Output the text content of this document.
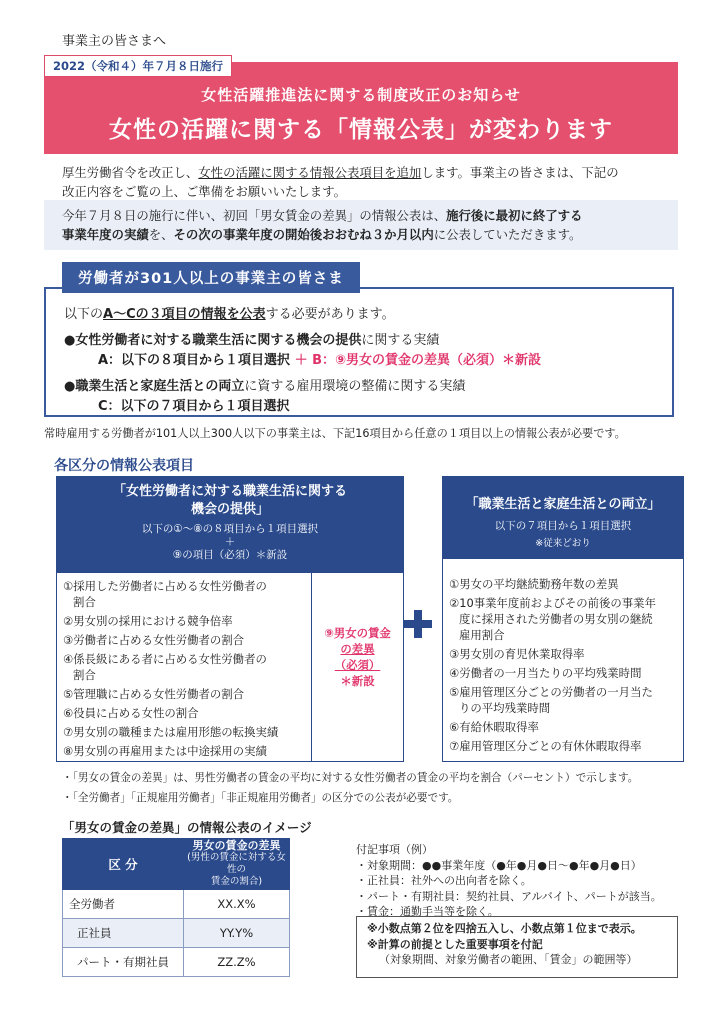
事業主の皆さまへ
女性活躍推進法に関する制度改正のお知らせ
女性の活躍に関する「情報公表」が変わります
2022（令和４）年７月８日施行
厚生労働省令を改正し、女性の活躍に関する情報公表項目を追加します。事業主の皆さまは、下記の
改正内容をご覧の上、ご準備をお願いいたします。

今年７月８日の施行に伴い、初回「男女賃金の差異」の情報公表は、施行後に最初に終了する
事業年度の実績を、その次の事業年度の開始後おおむね３か月以内に公表していただきます。

以下のA～Cの３項目の情報を公表する必要があります。
●女性労働者に対する職業生活に関する機会の提供に関する実績
A：以下の８項目から１項目選択 ＋ B：⑨男女の賃金の差異（必須）＊新設
●職業生活と家庭生活との両立に資する雇用環境の整備に関する実績
C：以下の７項目から１項目選択
労働者が301人以上の事業主の皆さま
常時雇用する労働者が101人以上300人以下の事業主は、下記16項目から任意の１項目以上の情報公表が必要です。
各区分の情報公表項目
「女性労働者に対する職業生活に関する
機会の提供」
以下の①～⑧の８項目から１項目選択
＋
⑨の項目（必須）＊新設
①採用した労働者に占める女性労働者の
割合
②男女別の採用における競争倍率
③労働者に占める女性労働者の割合
④係長級にある者に占める女性労働者の
割合
⑤管理職に占める女性労働者の割合
⑥役員に占める女性の割合
⑦男女別の職種または雇用形態の転換実績
⑧男女別の再雇用または中途採用の実績
⑨男女の賃金
の差異
（必須）
＊新設
「職業生活と家庭生活との両立」
以下の７項目から１項目選択
※従来どおり
①男女の平均継続勤務年数の差異
②10事業年度前およびその前後の事業年
度に採用された労働者の男女別の継続
雇用割合
③男女別の育児休業取得率
④労働者の一月当たりの平均残業時間
⑤雇用管理区分ごとの労働者の一月当た
りの平均残業時間
⑥有給休暇取得率
⑦雇用管理区分ごとの有休休暇取得率
・「男女の賃金の差異」は、男性労働者の賃金の平均に対する女性労働者の賃金の平均を割合（パーセント）で示します。
・「全労働者」「正規雇用労働者」「非正規雇用労働者」の区分での公表が必要です。
「男女の賃金の差異」の情報公表のイメージ
区 分	男女の賃金の差異
(男性の賃金に対する女性の
賃金の割合)

全労働者	XX.X%
正社員	YY.Y%
パート・有期社員	ZZ.Z%
付記事項（例）
・対象期間：●●事業年度（●年●月●日～●年●月●日）
・正社員：社外への出向者を除く。
・パート・有期社員：契約社員、アルバイト、パートが該当。
・賃金：通勤手当等を除く。
※小数点第２位を四捨五入し、小数点第１位まで表示。
※計算の前提とした重要事項を付記
（対象期間、対象労働者の範囲、「賃金」の範囲等）
